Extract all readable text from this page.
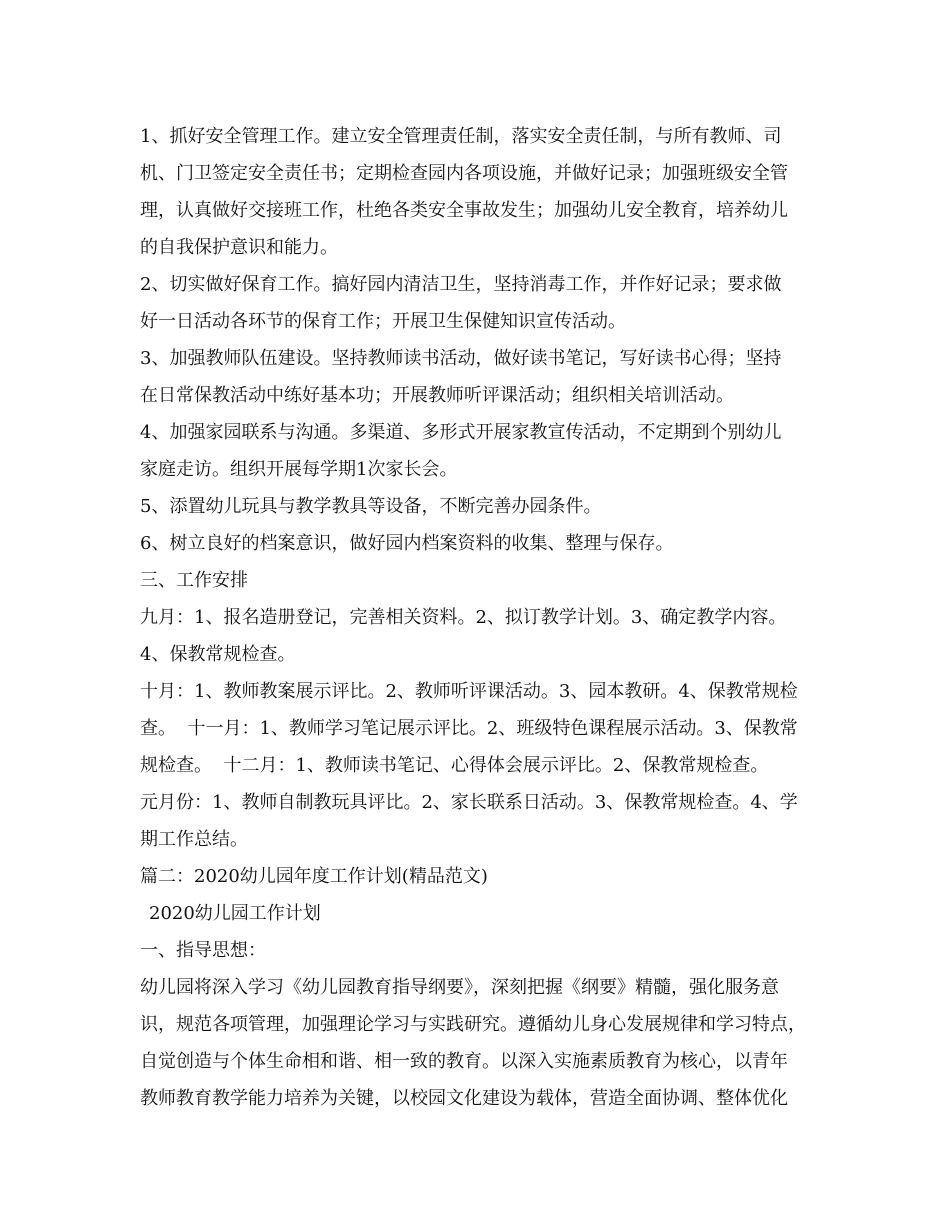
1、抓好安全管理工作。建立安全管理责任制，落实安全责任制，与所有教师、司
机、门卫签定安全责任书；定期检查园内各项设施，并做好记录；加强班级安全管
理，认真做好交接班工作，杜绝各类安全事故发生；加强幼儿安全教育，培养幼儿
的自我保护意识和能力。
2、切实做好保育工作。搞好园内清洁卫生，坚持消毒工作，并作好记录；要求做
好一日活动各环节的保育工作；开展卫生保健知识宣传活动。
3、加强教师队伍建设。坚持教师读书活动，做好读书笔记，写好读书心得；坚持
在日常保教活动中练好基本功；开展教师听评课活动；组织相关培训活动。
4、加强家园联系与沟通。多渠道、多形式开展家教宣传活动，不定期到个别幼儿
家庭走访。组织开展每学期1次家长会。
5、添置幼儿玩具与教学教具等设备，不断完善办园条件。
6、树立良好的档案意识，做好园内档案资料的收集、整理与保存。
三、工作安排
九月：1、报名造册登记，完善相关资料。2、拟订教学计划。3、确定教学内容。
4、保教常规检查。
十月：1、教师教案展示评比。2、教师听评课活动。3、园本教研。4、保教常规检
查。  十一月：1、教师学习笔记展示评比。2、班级特色课程展示活动。3、保教常
规检查。  十二月：1、教师读书笔记、心得体会展示评比。2、保教常规检查。
元月份：1、教师自制教玩具评比。2、家长联系日活动。3、保教常规检查。4、学
期工作总结。
篇二：2020幼儿园年度工作计划(精品范文)
2020幼儿园工作计划
一、指导思想：
幼儿园将深入学习《幼儿园教育指导纲要》，深刻把握《纲要》精髓，强化服务意
识，规范各项管理，加强理论学习与实践研究。遵循幼儿身心发展规律和学习特点，
自觉创造与个体生命相和谐、相一致的教育。以深入实施素质教育为核心，以青年
教师教育教学能力培养为关键，以校园文化建设为载体，营造全面协调、整体优化
